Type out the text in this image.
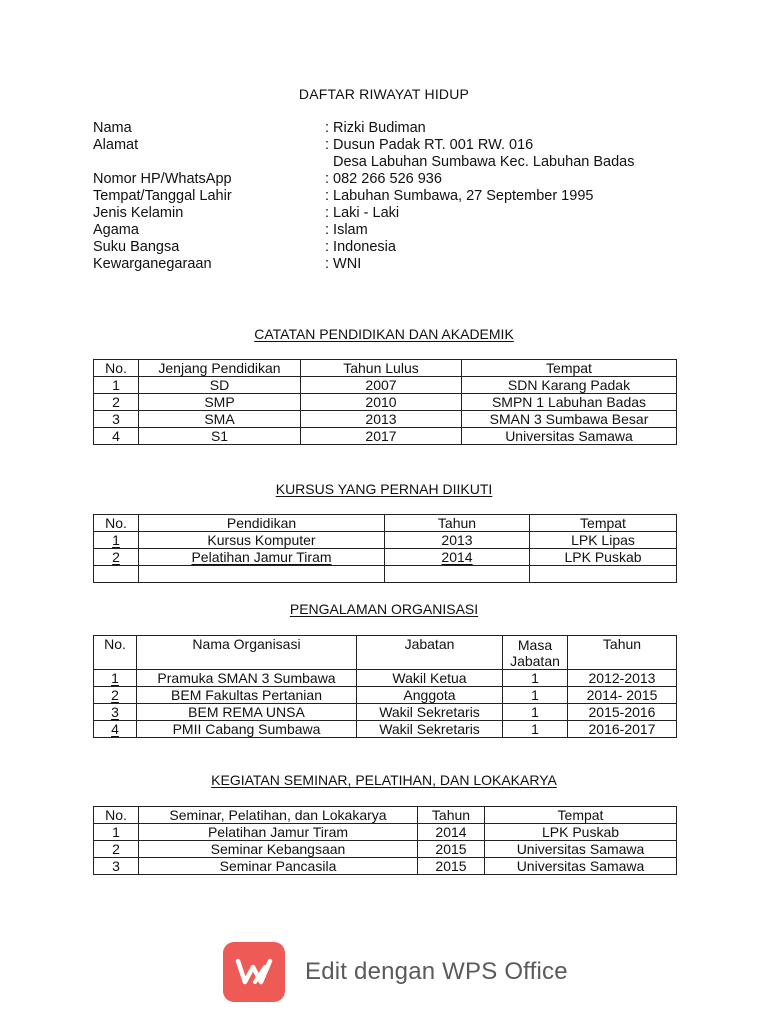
DAFTAR RIWAYAT HIDUP
Nama	: Rizki Budiman
Alamat	: Dusun Padak RT. 001 RW. 016
Desa Labuhan Sumbawa Kec. Labuhan Badas
Nomor HP/WhatsApp	: 082 266 526 936
Tempat/Tanggal Lahir	: Labuhan Sumbawa, 27 September 1995
Jenis Kelamin	: Laki - Laki
Agama	: Islam
Suku Bangsa	: Indonesia
Kewarganegaraan	: WNI
CATATAN PENDIDIKAN DAN AKADEMIK
No.	Jenjang Pendidikan	Tahun Lulus	Tempat
1	SD	2007	SDN Karang Padak
2	SMP	2010	SMPN 1 Labuhan Badas
3	SMA	2013	SMAN 3 Sumbawa Besar
4	S1	2017	Universitas Samawa
KURSUS YANG PERNAH DIIKUTI
No.	Pendidikan	Tahun	Tempat
1	Kursus Komputer	2013	LPK Lipas
2	Pelatihan Jamur Tiram	2014	LPK Puskab

PENGALAMAN ORGANISASI
No.	Nama Organisasi	Jabatan	Masa Jabatan	Tahun
1	Pramuka SMAN 3 Sumbawa	Wakil Ketua	1	2012-2013
2	BEM Fakultas Pertanian	Anggota	1	2014- 2015
3	BEM REMA UNSA	Wakil Sekretaris	1	2015-2016
4	PMII Cabang Sumbawa	Wakil Sekretaris	1	2016-2017
KEGIATAN SEMINAR, PELATIHAN, DAN LOKAKARYA
No.	Seminar, Pelatihan, dan Lokakarya	Tahun	Tempat
1	Pelatihan Jamur Tiram	2014	LPK Puskab
2	Seminar Kebangsaan	2015	Universitas Samawa
3	Seminar Pancasila	2015	Universitas Samawa
Edit dengan WPS Office
